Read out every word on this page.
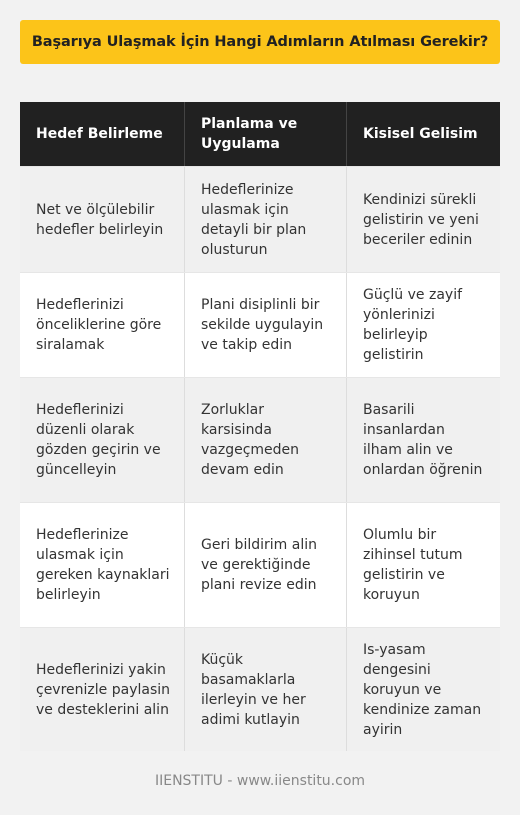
Başarıya Ulaşmak İçin Hangi Adımların Atılması Gerekir?
Hedef Belirleme
Planlama ve Uygulama
Kisisel Gelisim
Net ve ölçülebilir hedefler belirleyin
Hedeflerinize ulasmak için detayli bir plan olusturun
Kendinizi sürekli gelistirin ve yeni beceriler edinin
Hedeflerinizi önceliklerine göre siralamak
Plani disiplinli bir sekilde uygulayin ve takip edin
Güçlü ve zayif yönlerinizi belirleyip gelistirin
Hedeflerinizi düzenli olarak gözden geçirin ve güncelleyin
Zorluklar karsisinda vazgeçmeden devam edin
Basarili insanlardan ilham alin ve onlardan öğrenin
Hedeflerinize ulasmak için gereken kaynaklari belirleyin
Geri bildirim alin ve gerektiğinde plani revize edin
Olumlu bir zihinsel tutum gelistirin ve koruyun
Hedeflerinizi yakin çevrenizle paylasin ve desteklerini alin
Küçük basamaklarla ilerleyin ve her adimi kutlayin
Is-yasam dengesini koruyun ve kendinize zaman ayirin
IIENSTITU - www.iienstitu.com
